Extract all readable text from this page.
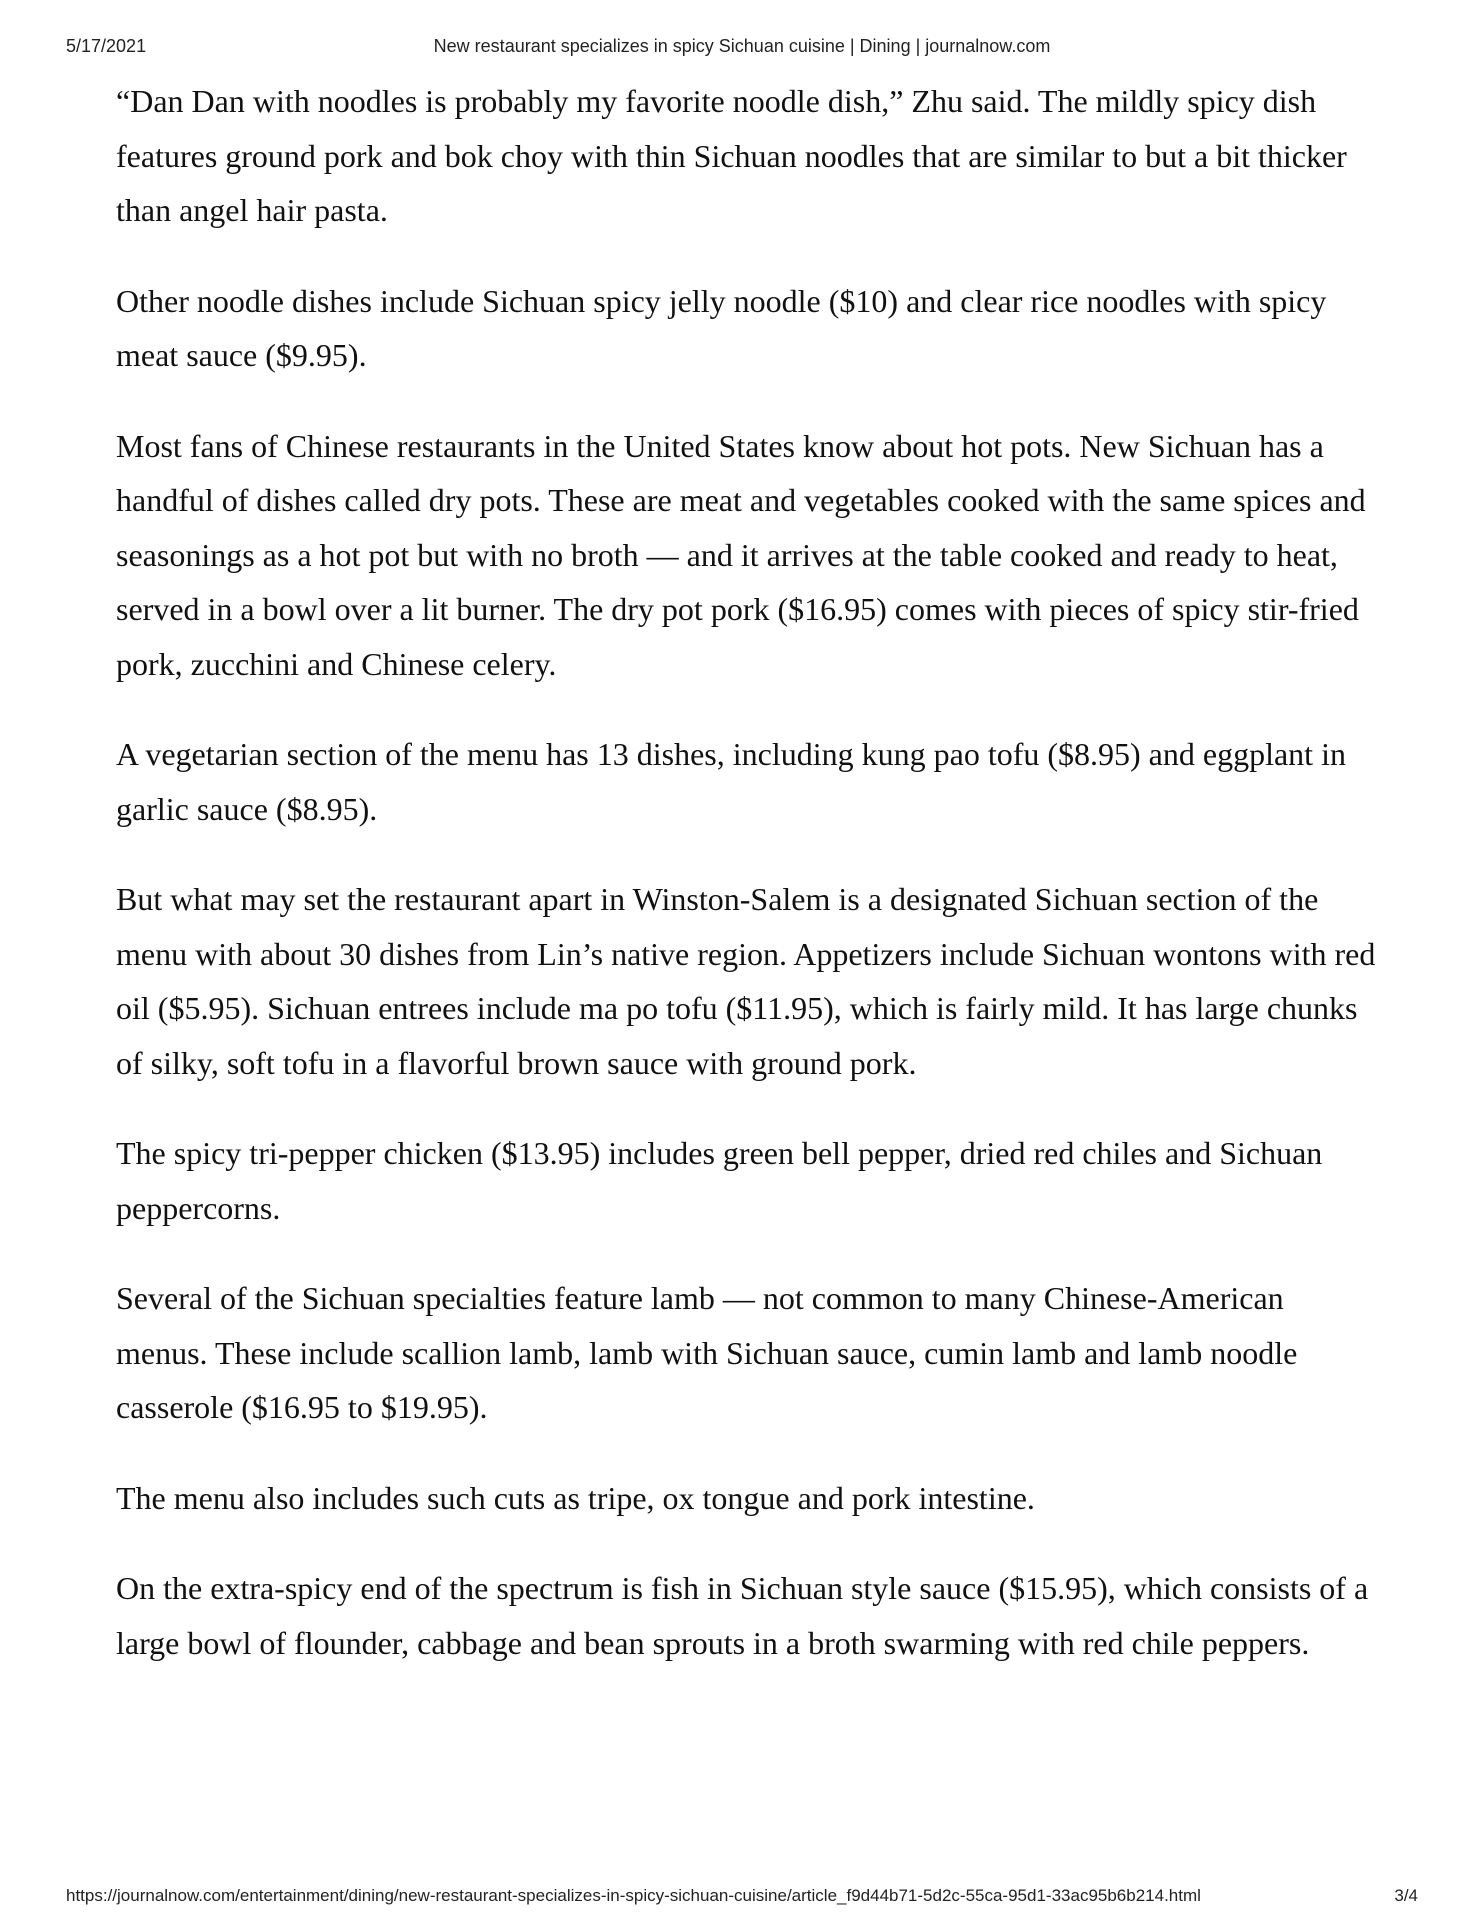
5/17/2021	New restaurant specializes in spicy Sichuan cuisine | Dining | journalnow.com

“Dan Dan with noodles is probably my favorite noodle dish,” Zhu said. The mildly spicy dish features ground pork and bok choy with thin Sichuan noodles that are similar to but a bit thicker than angel hair pasta.

Other noodle dishes include Sichuan spicy jelly noodle ($10) and clear rice noodles with spicy meat sauce ($9.95).

Most fans of Chinese restaurants in the United States know about hot pots. New Sichuan has a handful of dishes called dry pots. These are meat and vegetables cooked with the same spices and seasonings as a hot pot but with no broth — and it arrives at the table cooked and ready to heat, served in a bowl over a lit burner. The dry pot pork ($16.95) comes with pieces of spicy stir-fried pork, zucchini and Chinese celery.

A vegetarian section of the menu has 13 dishes, including kung pao tofu ($8.95) and eggplant in garlic sauce ($8.95).

But what may set the restaurant apart in Winston-Salem is a designated Sichuan section of the menu with about 30 dishes from Lin’s native region. Appetizers include Sichuan wontons with red oil ($5.95). Sichuan entrees include ma po tofu ($11.95), which is fairly mild. It has large chunks of silky, soft tofu in a flavorful brown sauce with ground pork.

The spicy tri-pepper chicken ($13.95) includes green bell pepper, dried red chiles and Sichuan peppercorns.

Several of the Sichuan specialties feature lamb — not common to many Chinese-American menus. These include scallion lamb, lamb with Sichuan sauce, cumin lamb and lamb noodle casserole ($16.95 to $19.95).

The menu also includes such cuts as tripe, ox tongue and pork intestine.

On the extra-spicy end of the spectrum is fish in Sichuan style sauce ($15.95), which consists of a large bowl of flounder, cabbage and bean sprouts in a broth swarming with red chile peppers.

https://journalnow.com/entertainment/dining/new-restaurant-specializes-in-spicy-sichuan-cuisine/article_f9d44b71-5d2c-55ca-95d1-33ac95b6b214.html	3/4
